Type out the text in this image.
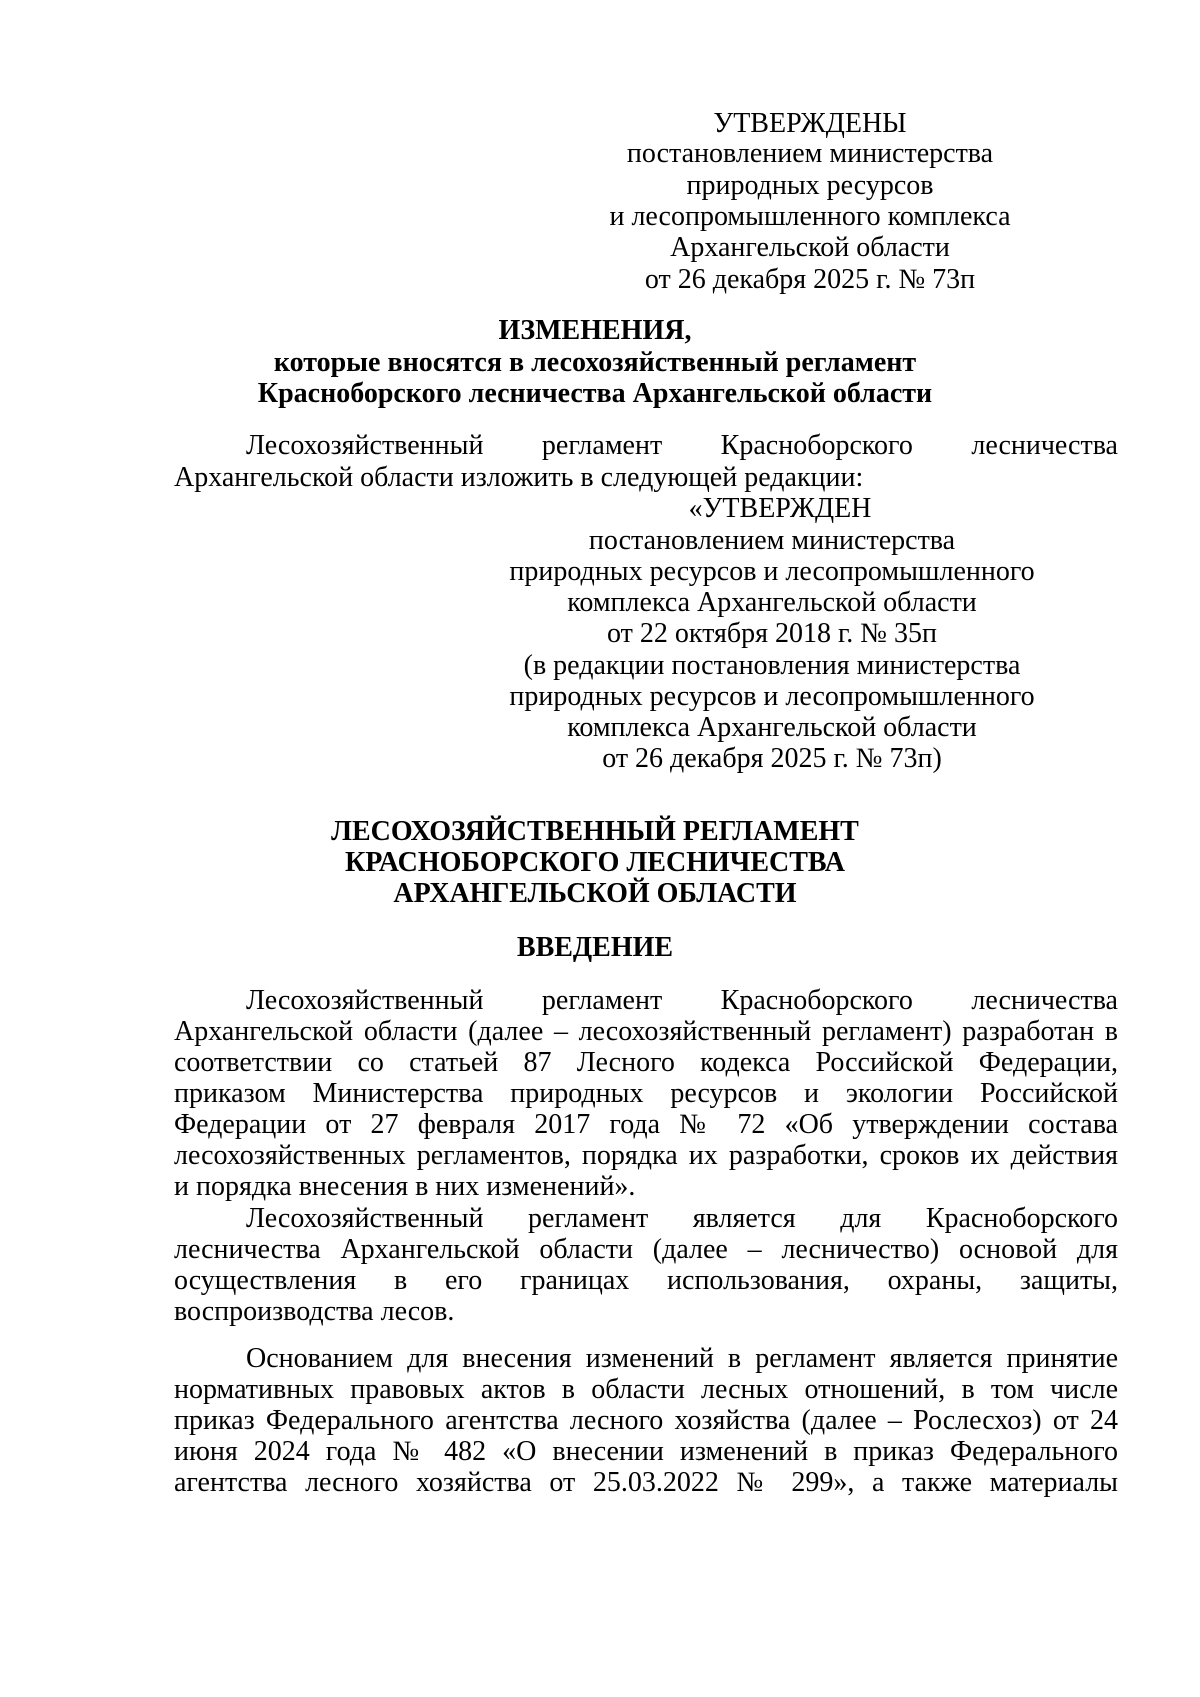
УТВЕРЖДЕНЫ
постановлением министерства
природных ресурсов
и лесопромышленного комплекса
Архангельской области
от 26 декабря 2025 г. № 73п
ИЗМЕНЕНИЯ,
которые вносятся в лесохозяйственный регламент
Красноборского лесничества Архангельской области
Лесохозяйственный регламент Красноборского лесничества
Архангельской области изложить в следующей редакции:
«УТВЕРЖДЕН
постановлением министерства
природных ресурсов и лесопромышленного
комплекса Архангельской области
от 22 октября 2018 г. № 35п
(в редакции постановления министерства
природных ресурсов и лесопромышленного
комплекса Архангельской области
от 26 декабря 2025 г. № 73п)
ЛЕСОХОЗЯЙСТВЕННЫЙ РЕГЛАМЕНТ
КРАСНОБОРСКОГО ЛЕСНИЧЕСТВА
АРХАНГЕЛЬСКОЙ ОБЛАСТИ
ВВЕДЕНИЕ
Лесохозяйственный регламент Красноборского лесничества
Архангельской области (далее – лесохозяйственный регламент) разработан в
соответствии со статьей 87 Лесного кодекса Российской Федерации,
приказом Министерства природных ресурсов и экологии Российской
Федерации от 27 февраля 2017 года № 72 «Об утверждении состава
лесохозяйственных регламентов, порядка их разработки, сроков их действия
и порядка внесения в них изменений».
Лесохозяйственный регламент является для Красноборского
лесничества Архангельской области (далее – лесничество) основой для
осуществления в его границах использования, охраны, защиты,
воспроизводства лесов.
Основанием для внесения изменений в регламент является принятие
нормативных правовых актов в области лесных отношений, в том числе
приказ Федерального агентства лесного хозяйства (далее – Рослесхоз) от 24
июня 2024 года № 482 «О внесении изменений в приказ Федерального
агентства лесного хозяйства от 25.03.2022 № 299», а также материалы
